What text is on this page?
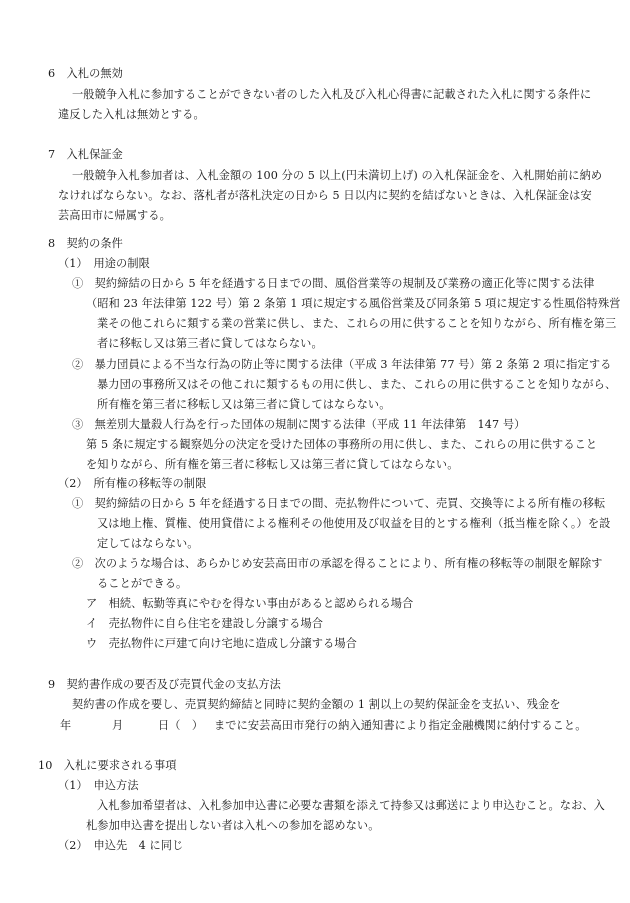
6　入札の無効
一般競争入札に参加することができない者のした入札及び入札心得書に記載された入札に関する条件に
違反した入札は無効とする。
7　入札保証金
一般競争入札参加者は、入札金額の 100 分の 5 以上(円未満切上げ) の入札保証金を、入札開始前に納め
なければならない。なお、落札者が落札決定の日から 5 日以内に契約を結ばないときは、入札保証金は安
芸高田市に帰属する。
8　契約の条件
（1）　用途の制限
①　契約締結の日から 5 年を経過する日までの間、風俗営業等の規制及び業務の適正化等に関する法律
（昭和 23 年法律第 122 号）第 2 条第 1 項に規定する風俗営業及び同条第 5 項に規定する性風俗特殊営
業その他これらに類する業の営業に供し、また、これらの用に供することを知りながら、所有権を第三
者に移転し又は第三者に貸してはならない。
②　暴力団員による不当な行為の防止等に関する法律（平成 3 年法律第 77 号）第 2 条第 2 項に指定する
暴力団の事務所又はその他これに類するもの用に供し、また、これらの用に供することを知りながら、
所有権を第三者に移転し又は第三者に貸してはならない。
③　無差別大量殺人行為を行った団体の規制に関する法律（平成 11 年法律第　147 号）
第 5 条に規定する観察処分の決定を受けた団体の事務所の用に供し、また、これらの用に供すること
を知りながら、所有権を第三者に移転し又は第三者に貸してはならない。
（2）　所有権の移転等の制限
①　契約締結の日から 5 年を経過する日までの間、売払物件について、売買、交換等による所有権の移転
又は地上権、質権、使用貸借による権利その他使用及び収益を目的とする権利（抵当権を除く。）を設
定してはならない。
②　次のような場合は、あらかじめ安芸高田市の承認を得ることにより、所有権の移転等の制限を解除す
ることができる。
ア　相続、転勤等真にやむを得ない事由があると認められる場合
イ　売払物件に自ら住宅を建設し分譲する場合
ウ　売払物件に戸建て向け宅地に造成し分譲する場合
9　契約書作成の要否及び売買代金の支払方法
契約書の作成を要し、売買契約締結と同時に契約金額の 1 割以上の契約保証金を支払い、残金を
年	月	日（　） までに安芸高田市発行の納入通知書により指定金融機関に納付すること。
10　入札に要求される事項
（1）　申込方法
入札参加希望者は、入札参加申込書に必要な書類を添えて持参又は郵送により申込むこと。なお、入
札参加申込書を提出しない者は入札への参加を認めない。
（2）　申込先　4 に同じ
